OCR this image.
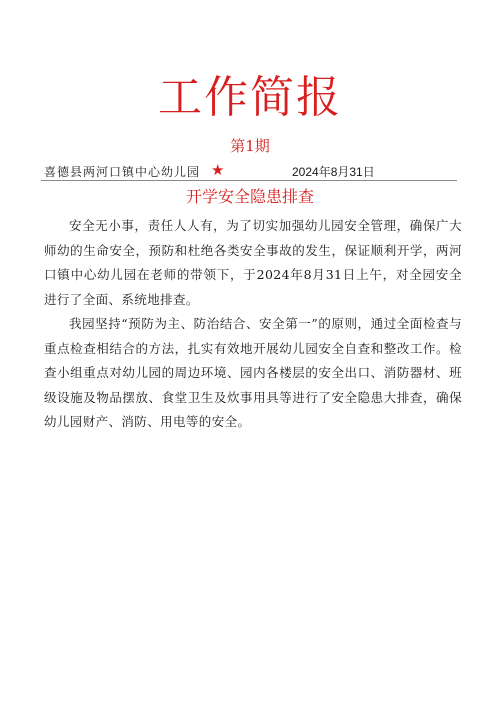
工作简报
第1期
喜德县两河口镇中心幼儿园 ★	2024年8月31日
开学安全隐患排查

安全无小事，责任人人有，为了切实加强幼儿园安全管理，确保广大师幼的生命安全，预防和杜绝各类安全事故的发生，保证顺利开学，两河口镇中心幼儿园在老师的带领下，于2024年8月31日上午，对全园安全进行了全面、系统地排查。

我园坚持“预防为主、防治结合、安全第一”的原则，通过全面检查与重点检查相结合的方法，扎实有效地开展幼儿园安全自查和整改工作。检查小组重点对幼儿园的周边环境、园内各楼层的安全出口、消防器材、班级设施及物品摆放、食堂卫生及炊事用具等进行了安全隐患大排查，确保幼儿园财产、消防、用电等的安全。
